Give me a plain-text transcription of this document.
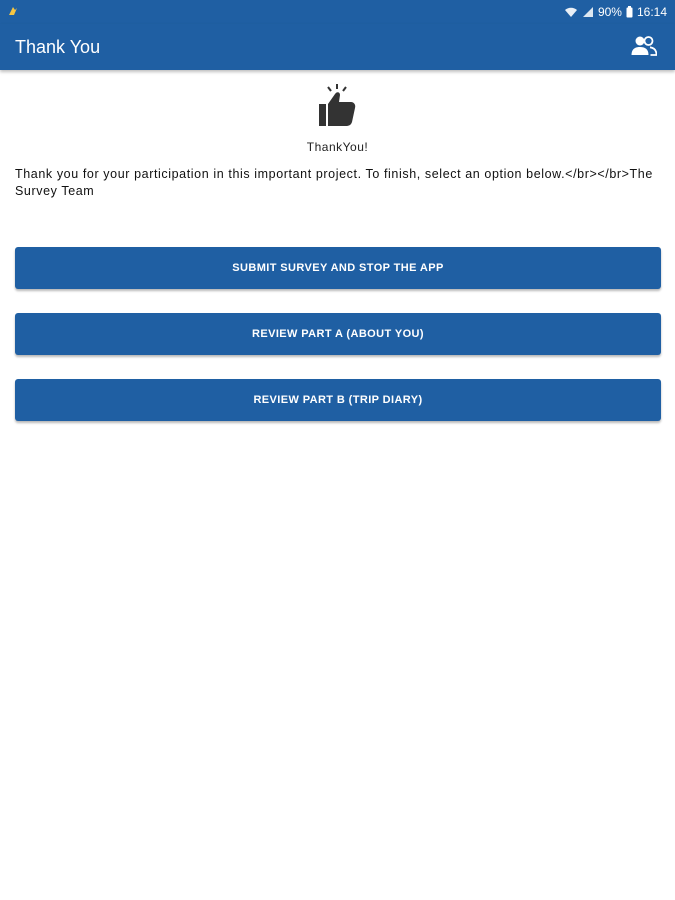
90% 16:14
Thank You
ThankYou!
Thank you for your participation in this important project. To finish, select an option below.</br></br>The Survey Team
SUBMIT SURVEY AND STOP THE APP
REVIEW PART A (ABOUT YOU)
REVIEW PART B (TRIP DIARY)
